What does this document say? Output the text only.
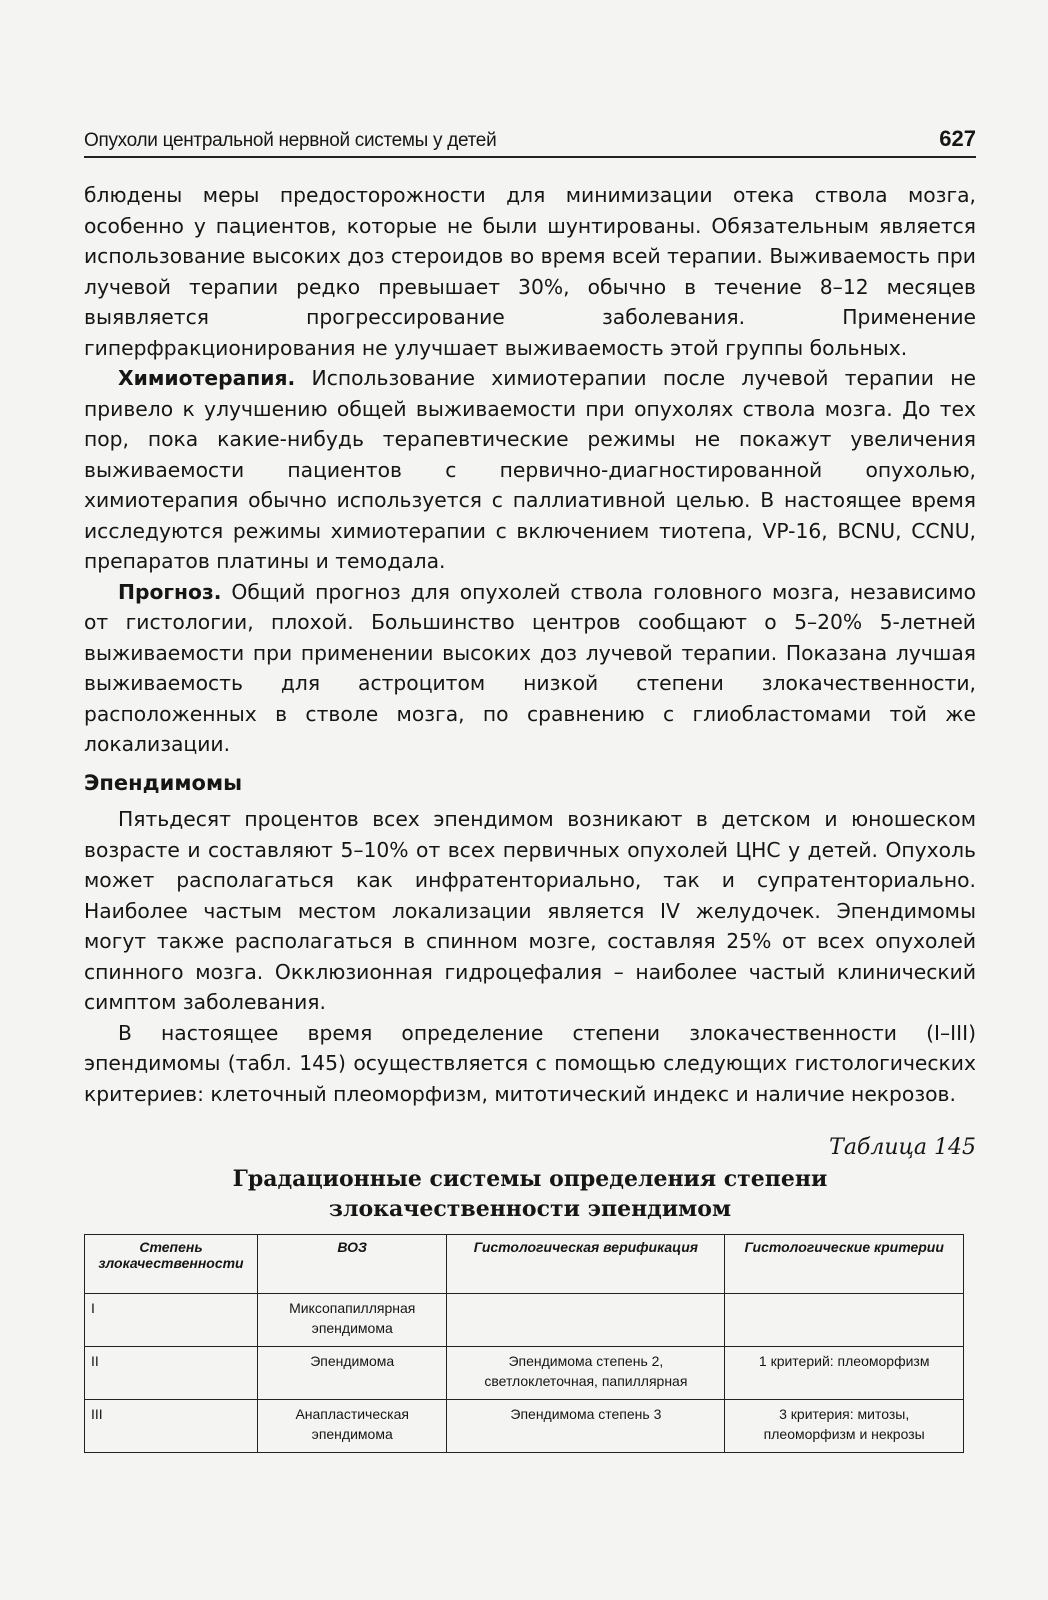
Опухоли центральной нервной системы у детей	627

блюдены меры предосторожности для минимизации отека ствола мозга, особенно у пациентов, которые не были шунтированы. Обязательным является использование высоких доз стероидов во время всей терапии. Выживаемость при лучевой терапии редко превышает 30%, обычно в течение 8–12 месяцев выявляется прогрессирование заболевания. Применение гиперфракционирования не улучшает выживаемость этой группы больных.

Химиотерапия. Использование химиотерапии после лучевой терапии не привело к улучшению общей выживаемости при опухолях ствола мозга. До тех пор, пока какие-нибудь терапевтические режимы не покажут увеличения выживаемости пациентов с первично-диагностированной опухолью, химиотерапия обычно используется с паллиативной целью. В настоящее время исследуются режимы химиотерапии с включением тиотепа, VP-16, BCNU, CCNU, препаратов платины и темодала.

Прогноз. Общий прогноз для опухолей ствола головного мозга, независимо от гистологии, плохой. Большинство центров сообщают о 5–20% 5-летней выживаемости при применении высоких доз лучевой терапии. Показана лучшая выживаемость для астроцитом низкой степени злокачественности, расположенных в стволе мозга, по сравнению с глиобластомами той же локализации.

Эпендимомы

Пятьдесят процентов всех эпендимом возникают в детском и юношеском возрасте и составляют 5–10% от всех первичных опухолей ЦНС у детей. Опухоль может располагаться как инфратенториально, так и супратенториально. Наиболее частым местом локализации является IV желудочек. Эпендимомы могут также располагаться в спинном мозге, составляя 25% от всех опухолей спинного мозга. Окклюзионная гидроцефалия – наиболее частый клинический симптом заболевания.

В настоящее время определение степени злокачественности (I–III) эпендимомы (табл. 145) осуществляется с помощью следующих гистологических критериев: клеточный плеоморфизм, митотический индекс и наличие некрозов.

Таблица 145
Градационные системы определения степени злокачественности эпендимом
Степень злокачественности	ВОЗ	Гистологическая верификация	Гистологические критерии
I	Миксопапиллярная эпендимома		
II	Эпендимома	Эпендимома степень 2, светлоклеточная, папиллярная	1 критерий: плеоморфизм
III	Анапластическая эпендимома	Эпендимома степень 3	3 критерия: митозы, плеоморфизм и некрозы
